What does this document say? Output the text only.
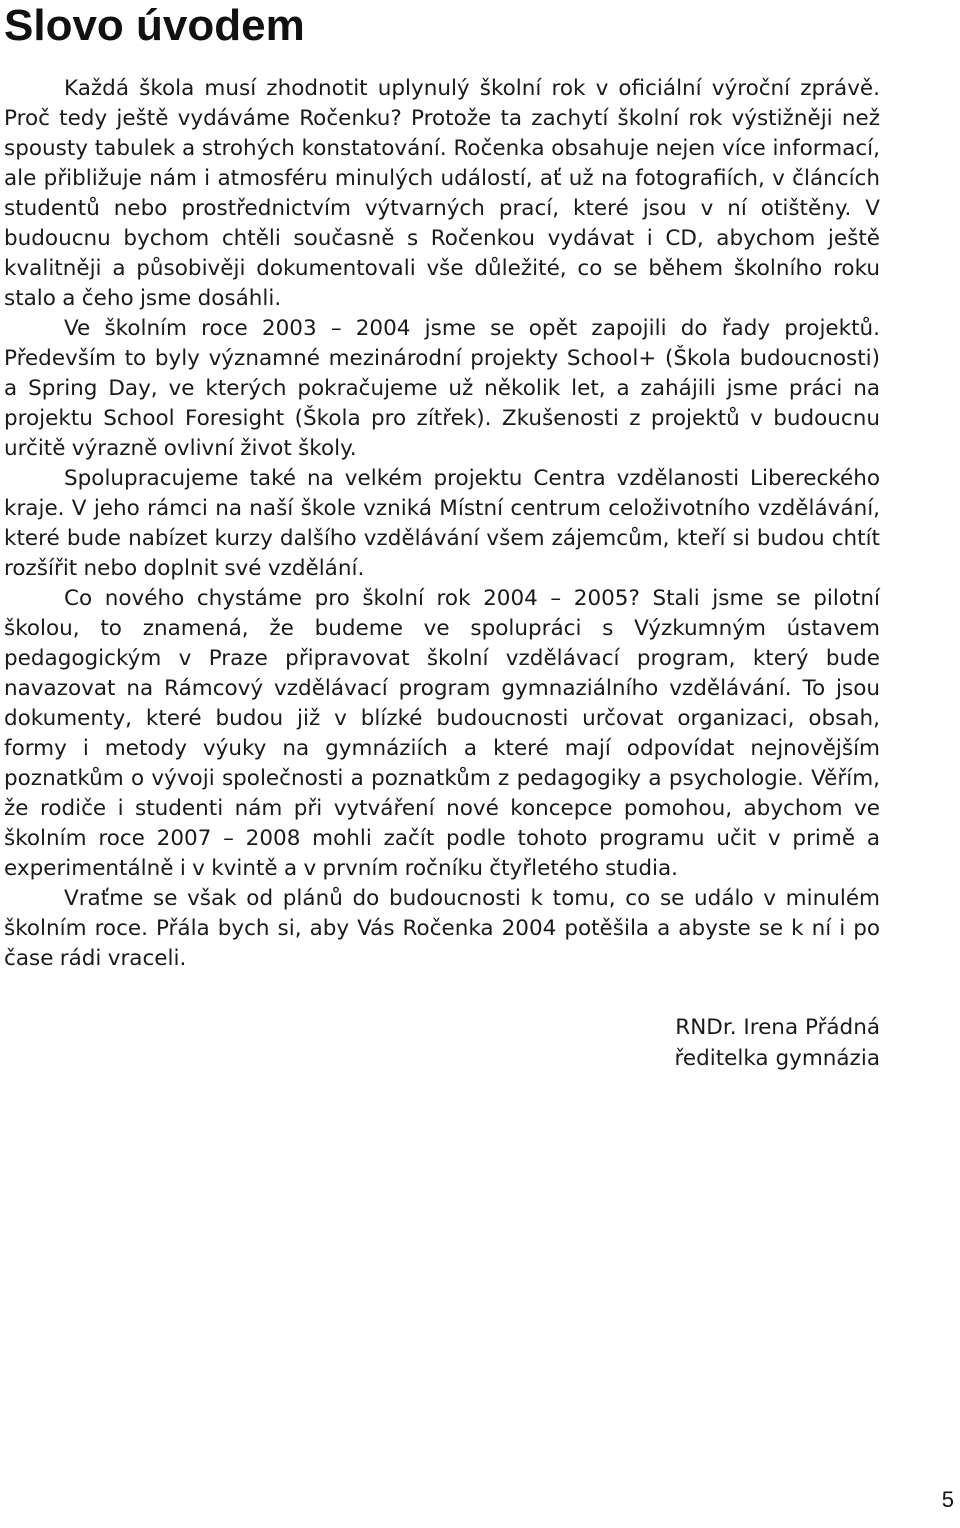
Slovo úvodem

Každá škola musí zhodnotit uplynulý školní rok v oficiální výroční zprávě. Proč tedy ještě vydáváme Ročenku? Protože ta zachytí školní rok výstižněji než spousty tabulek a strohých konstatování. Ročenka obsahuje nejen více informací, ale přibližuje nám i atmosféru minulých událostí, ať už na fotografiích, v článcích studentů nebo prostřednictvím výtvarných prací, které jsou v ní otištěny. V budoucnu bychom chtěli současně s Ročenkou vydávat i CD, abychom ještě kvalitněji a působivěji dokumentovali vše důležité, co se během školního roku stalo a čeho jsme dosáhli.

Ve školním roce 2003 – 2004 jsme se opět zapojili do řady projektů. Především to byly významné mezinárodní projekty School+ (Škola budoucnosti) a Spring Day, ve kterých pokračujeme už několik let, a zahájili jsme práci na projektu School Foresight (Škola pro zítřek). Zkušenosti z projektů v budoucnu určitě výrazně ovlivní život školy.

Spolupracujeme také na velkém projektu Centra vzdělanosti Libereckého kraje. V jeho rámci na naší škole vzniká Místní centrum celoživotního vzdělávání, které bude nabízet kurzy dalšího vzdělávání všem zájemcům, kteří si budou chtít rozšířit nebo doplnit své vzdělání.

Co nového chystáme pro školní rok 2004 – 2005? Stali jsme se pilotní školou, to znamená, že budeme ve spolupráci s Výzkumným ústavem pedagogickým v Praze připravovat školní vzdělávací program, který bude navazovat na Rámcový vzdělávací program gymnaziálního vzdělávání. To jsou dokumenty, které budou již v blízké budoucnosti určovat organizaci, obsah, formy i metody výuky na gymnáziích a které mají odpovídat nejnovějším poznatkům o vývoji společnosti a poznatkům z pedagogiky a psychologie. Věřím, že rodiče i studenti nám při vytváření nové koncepce pomohou, abychom ve školním roce 2007 – 2008 mohli začít podle tohoto programu učit v primě a experimentálně i v kvintě a v prvním ročníku čtyřletého studia.

Vraťme se však od plánů do budoucnosti k tomu, co se událo v minulém školním roce. Přála bych si, aby Vás Ročenka 2004 potěšila a abyste se k ní i po čase rádi vraceli.

RNDr. Irena Přádná
ředitelka gymnázia
5
